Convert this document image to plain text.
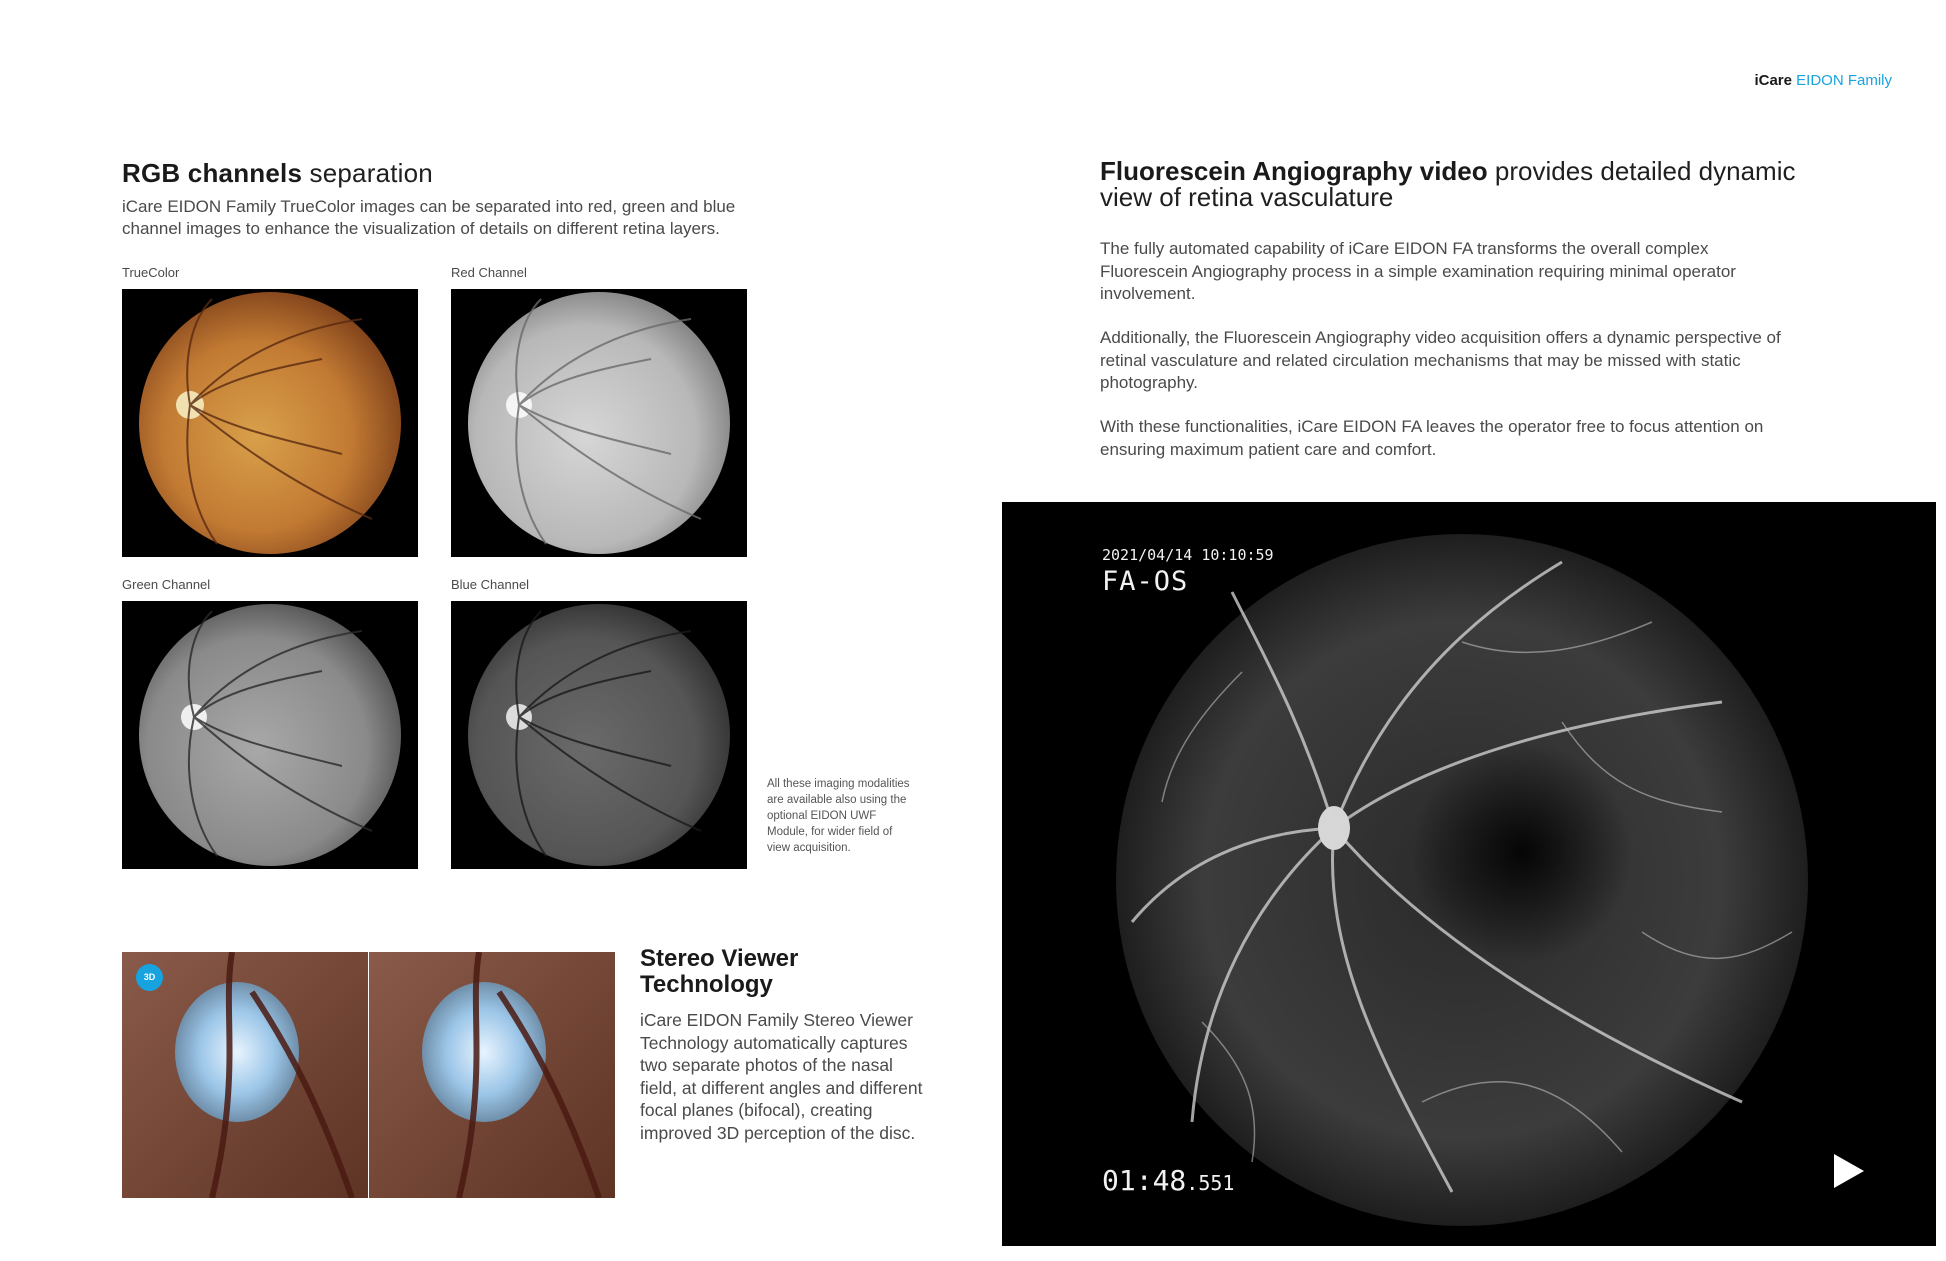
iCare EIDON Family
RGB channels separation
iCare EIDON Family TrueColor images can be separated into red, green and blue channel images to enhance the visualization of details on different retina layers.
TrueColor	Red Channel
Green Channel	Blue Channel
All these imaging modalities are available also using the optional EIDON UWF Module, for wider field of view acquisition.
3D
Stereo Viewer Technology
iCare EIDON Family Stereo Viewer Technology automatically captures two separate photos of the nasal field, at different angles and different focal planes (bifocal), creating improved 3D perception of the disc.
Fluorescein Angiography video provides detailed dynamic view of retina vasculature
The fully automated capability of iCare EIDON FA transforms the overall complex Fluorescein Angiography process in a simple examination requiring minimal operator involvement.
Additionally, the Fluorescein Angiography video acquisition offers a dynamic perspective of retinal vasculature and related circulation mechanisms that may be missed with static photography.
With these functionalities, iCare EIDON FA leaves the operator free to focus attention on ensuring maximum patient care and comfort.
2021/04/14 10:10:59
FA-OS
01:48.551
